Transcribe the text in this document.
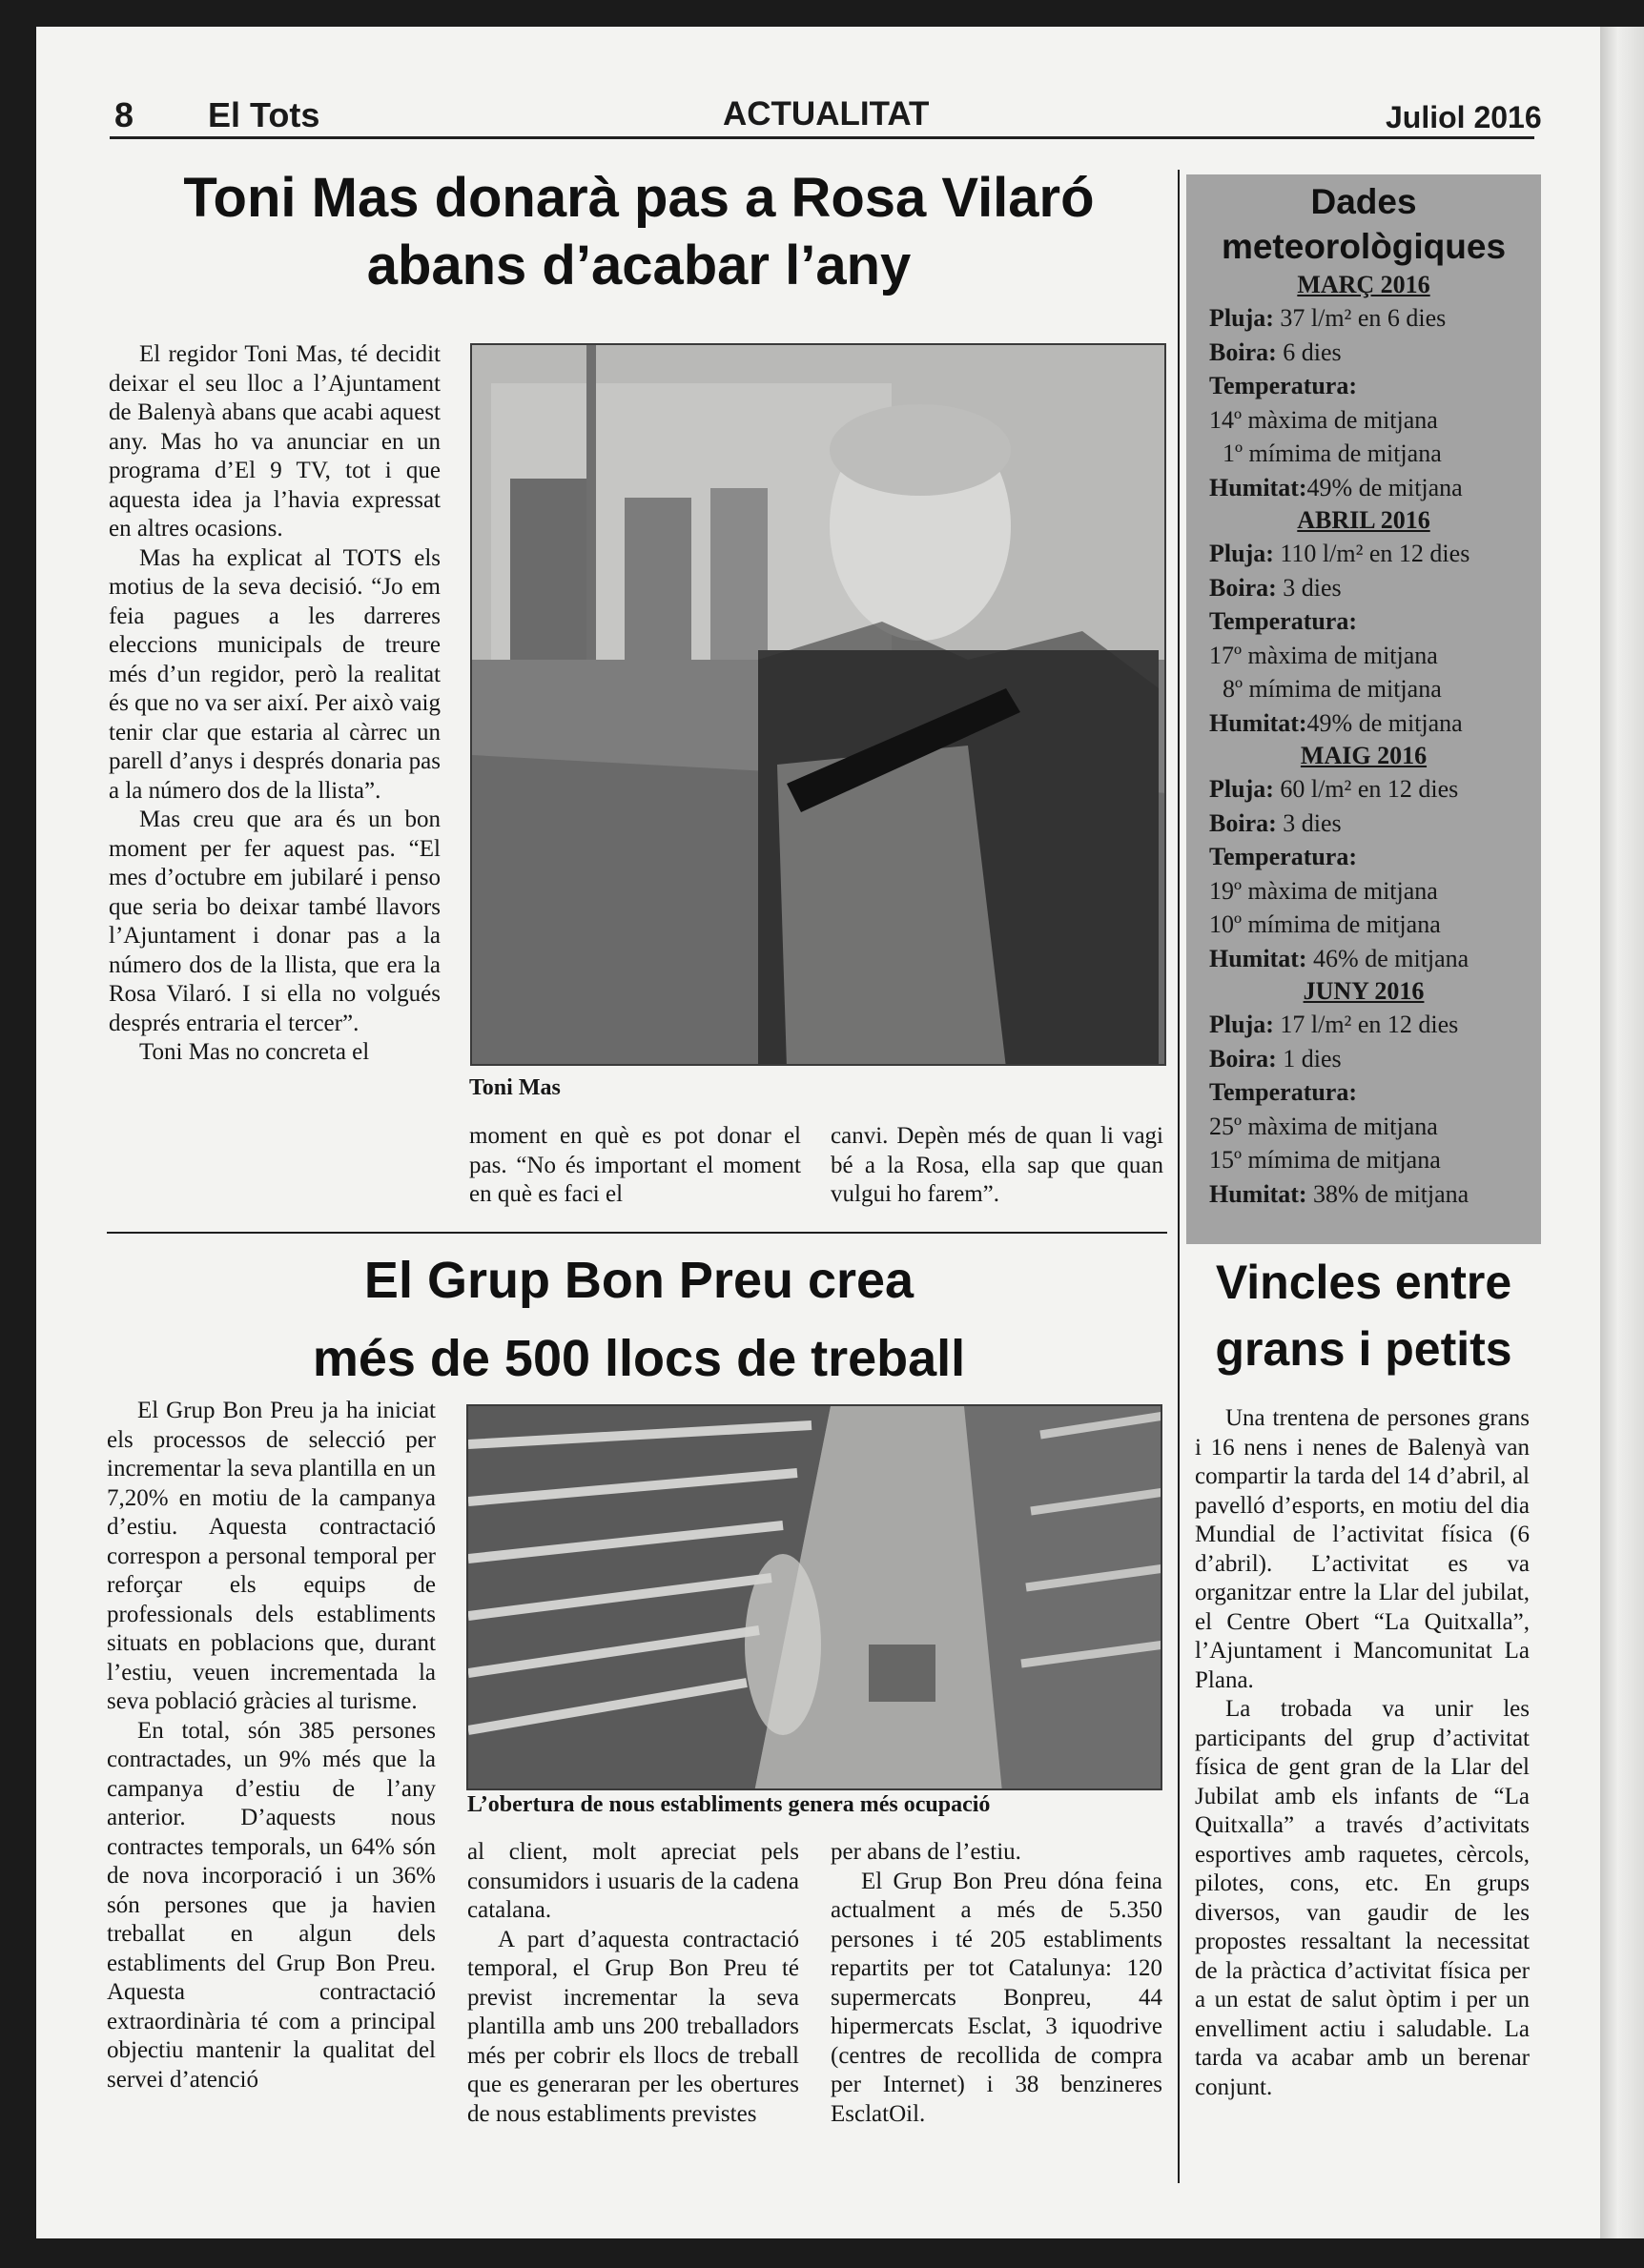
8 El Tots	ACTUALITAT	Juliol 2016
Toni Mas donarà pas a Rosa Vilaró abans d’acabar l’any

El regidor Toni Mas, té decidit deixar el seu lloc a l’Ajuntament de Balenyà abans que acabi aquest any. Mas ho va anunciar en un programa d’El 9 TV, tot i que aquesta idea ja l’havia expressat en altres ocasions.

Mas ha explicat al TOTS els motius de la seva decisió. “Jo em feia pagues a les darreres eleccions municipals de treure més d’un regidor, però la realitat és que no va ser així. Per això vaig tenir clar que estaria al càrrec un parell d’anys i després donaria pas a la número dos de la llista”.

Mas creu que ara és un bon moment per fer aquest pas. “El mes d’octubre em jubilaré i penso que seria bo deixar també llavors l’Ajuntament i donar pas a la número dos de la llista, que era la Rosa Vilaró. I si ella no volgués després entraria el tercer”.

Toni Mas no concreta el

Toni Mas

moment en què es pot donar el pas. “No és important el moment en què es faci el

canvi. Depèn més de quan li vagi bé a la Rosa, ella sap que quan vulgui ho farem”.

Dades
meteorològiques
MARÇ 2016
Pluja: 37 l/m² en 6 dies
Boira: 6 dies
Temperatura:
14º màxima de mitjana
1º mímima de mitjana
Humitat:49% de mitjana
ABRIL 2016
Pluja: 110 l/m² en 12 dies
Boira: 3 dies
Temperatura:
17º màxima de mitjana
8º mímima de mitjana
Humitat:49% de mitjana
MAIG 2016
Pluja: 60 l/m² en 12 dies
Boira: 3 dies
Temperatura:
19º màxima de mitjana
10º mímima de mitjana
Humitat: 46% de mitjana
JUNY 2016
Pluja: 17 l/m² en 12 dies
Boira: 1 dies
Temperatura:
25º màxima de mitjana
15º mímima de mitjana
Humitat: 38% de mitjana
El Grup Bon Preu crea
més de 500 llocs de treball

El Grup Bon Preu ja ha iniciat els processos de selecció per incrementar la seva plantilla en un 7,20% en motiu de la campanya d’estiu. Aquesta contractació correspon a personal temporal per reforçar els equips de professionals dels establiments situats en poblacions que, durant l’estiu, veuen incrementada la seva població gràcies al turisme.

En total, són 385 persones contractades, un 9% més que la campanya d’estiu de l’any anterior. D’aquests nous contractes temporals, un 64% són de nova incorporació i un 36% són persones que ja havien treballat en algun dels establiments del Grup Bon Preu. Aquesta contractació extraordinària té com a principal objectiu mantenir la qualitat del servei d’atenció

L’obertura de nous establiments genera més ocupació

al client, molt apreciat pels consumidors i usuaris de la cadena catalana.

A part d’aquesta contractació temporal, el Grup Bon Preu té previst incrementar la seva plantilla amb uns 200 treballadors més per cobrir els llocs de treball que es generaran per les obertures de nous establiments previstes

per abans de l’estiu.

El Grup Bon Preu dóna feina actualment a més de 5.350 persones i té 205 establiments repartits per tot Catalunya: 120 supermercats Bonpreu, 44 hipermercats Esclat, 3 iquodrive (centres de recollida de compra per Internet) i 38 benzineres EsclatOil.

Vincles entre
grans i petits

Una trentena de persones grans i 16 nens i nenes de Balenyà van compartir la tarda del 14 d’abril, al pavelló d’esports, en motiu del dia Mundial de l’activitat física (6 d’abril). L’activitat es va organitzar entre la Llar del jubilat, el Centre Obert “La Quitxalla”, l’Ajuntament i Mancomunitat La Plana.

La trobada va unir les participants del grup d’activitat física de gent gran de la Llar del Jubilat amb els infants de “La Quitxalla” a través d’activitats esportives amb raquetes, cèrcols, pilotes, cons, etc. En grups diversos, van gaudir de les propostes ressaltant la necessitat de la pràctica d’activitat física per a un estat de salut òptim i per un envelliment actiu i saludable. La tarda va acabar amb un berenar conjunt.
